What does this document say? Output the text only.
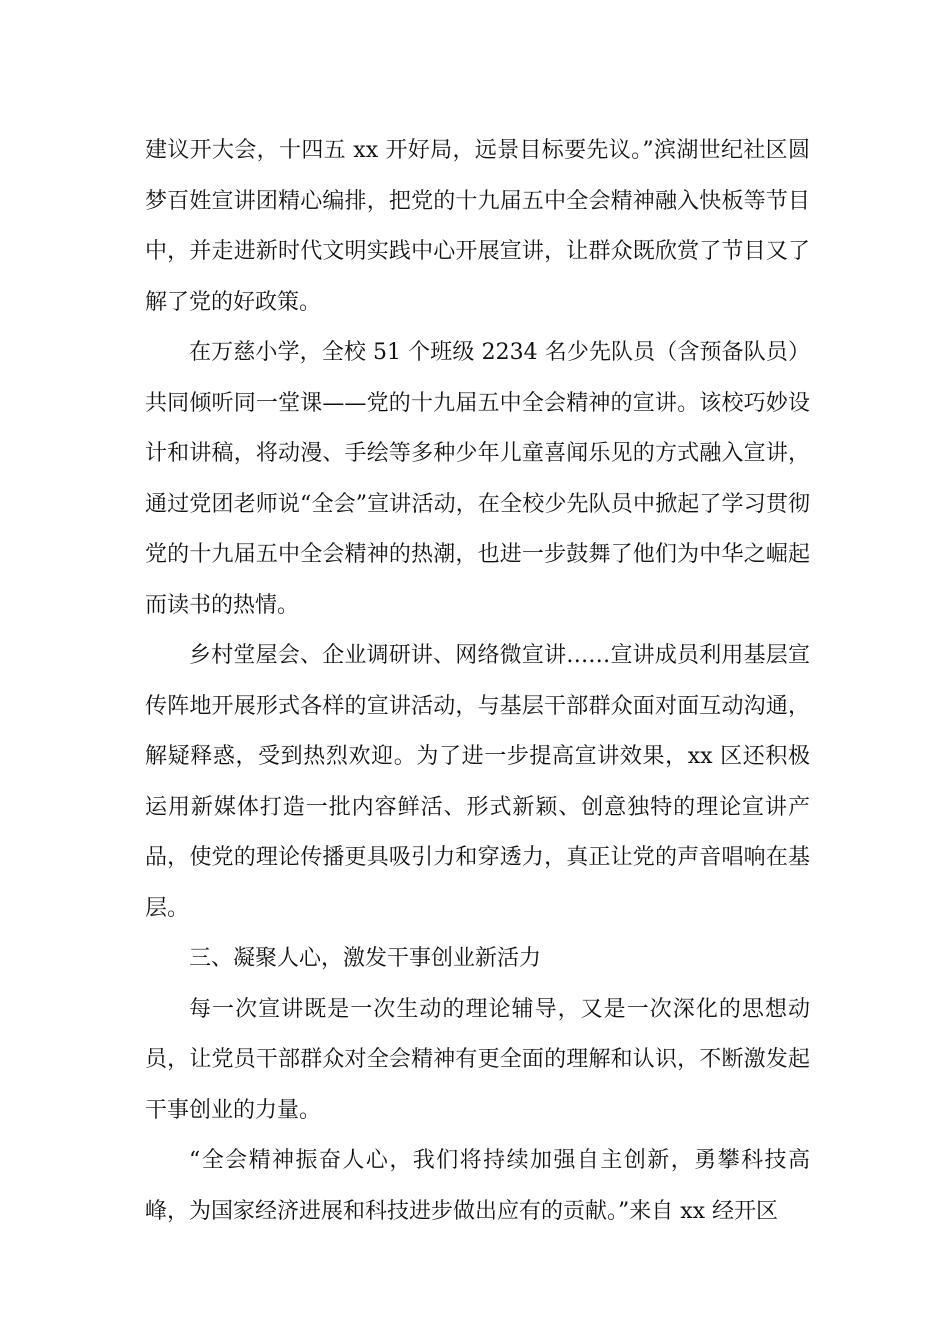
建议开大会，十四五 xx 开好局，远景目标要先议。”滨湖世纪社区圆梦百姓宣讲团精心编排，把党的十九届五中全会精神融入快板等节目中，并走进新时代文明实践中心开展宣讲，让群众既欣赏了节目又了解了党的好政策。

在万慈小学，全校 51 个班级 2234 名少先队员（含预备队员）共同倾听同一堂课——党的十九届五中全会精神的宣讲。该校巧妙设计和讲稿，将动漫、手绘等多种少年儿童喜闻乐见的方式融入宣讲，通过党团老师说“全会”宣讲活动，在全校少先队员中掀起了学习贯彻党的十九届五中全会精神的热潮，也进一步鼓舞了他们为中华之崛起而读书的热情。

乡村堂屋会、企业调研讲、网络微宣讲……宣讲成员利用基层宣传阵地开展形式各样的宣讲活动，与基层干部群众面对面互动沟通，解疑释惑，受到热烈欢迎。为了进一步提高宣讲效果，xx 区还积极运用新媒体打造一批内容鲜活、形式新颖、创意独特的理论宣讲产品，使党的理论传播更具吸引力和穿透力，真正让党的声音唱响在基层。

三、凝聚人心，激发干事创业新活力

每一次宣讲既是一次生动的理论辅导，又是一次深化的思想动员，让党员干部群众对全会精神有更全面的理解和认识，不断激发起干事创业的力量。

“全会精神振奋人心，我们将持续加强自主创新，勇攀科技高峰，为国家经济进展和科技进步做出应有的贡献。”来自 xx 经开区
